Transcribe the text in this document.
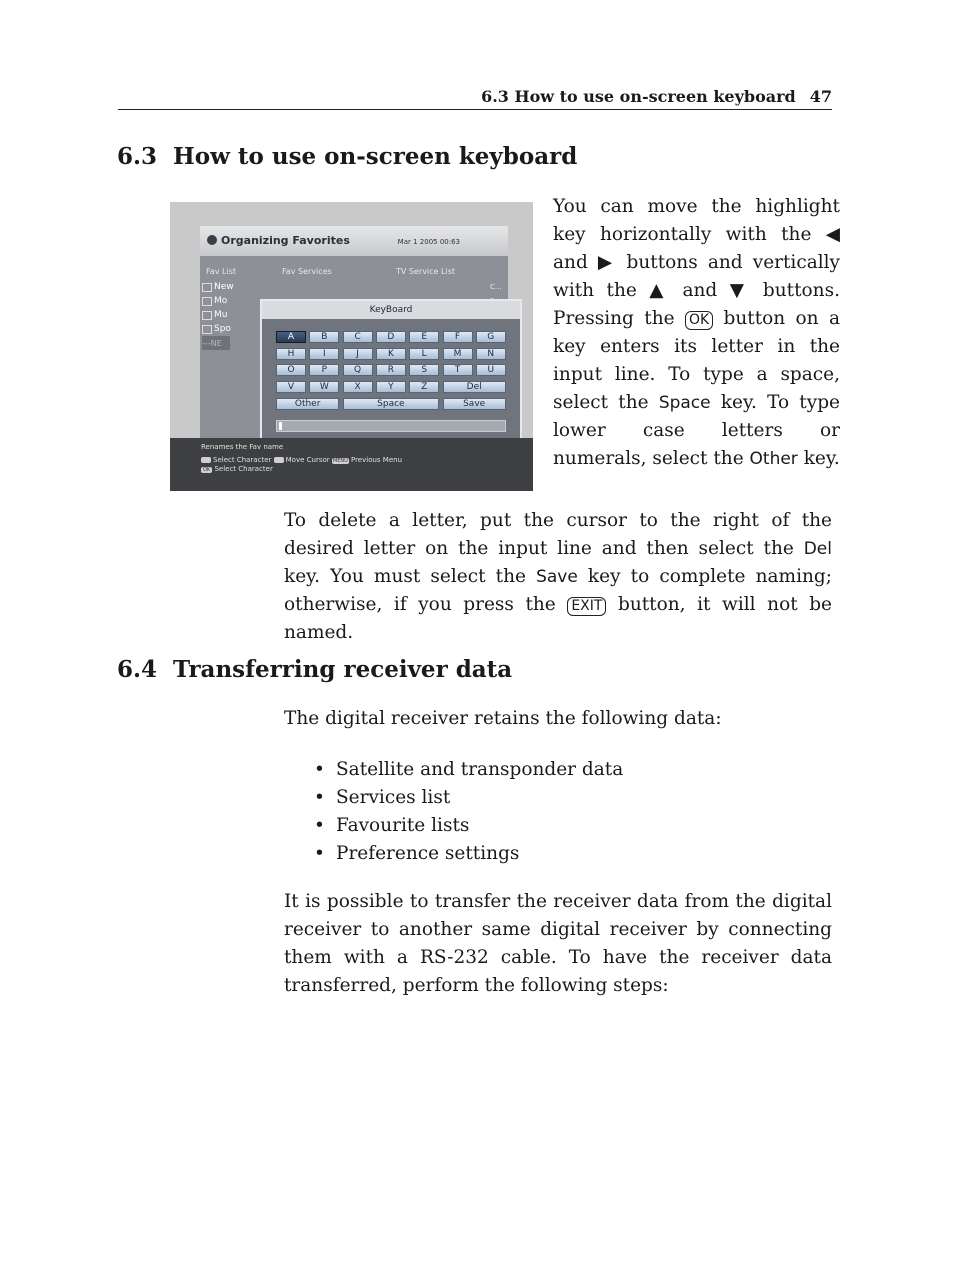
6.3 How to use on-screen keyboard 47
6.3 How to use on-screen keyboard
Organizing Favorites	Mar 1 2005 00:63
Fav List	Fav Services	TV Service List
New
Mo
Mu
Spo
---NE
C...
KeyBoard
A	B	C	D	E	F	G
H	I	J	K	L	M	N
O	P	Q	R	S	T	U
V	W	X	Y	Z	Del
Other	Space	Save
Renames the Fav name
Select Character Move Cursor MENU Previous Menu
OK Select Character
You can move the highlight key horizontally with the ◀ and ▶ buttons and vertically with the ▲ and ▼ buttons. Pressing the OK button on a key enters its letter in the input line. To type a space, select the Space key. To type lower case letters or numerals, select the Other key.
To delete a letter, put the cursor to the right of the desired letter on the input line and then select the Del key. You must select the Save key to complete naming; otherwise, if you press the EXIT button, it will not be named.
6.4 Transferring receiver data
The digital receiver retains the following data:
• Satellite and transponder data
• Services list
• Favourite lists
• Preference settings
It is possible to transfer the receiver data from the digital receiver to another same digital receiver by connecting them with a RS-232 cable. To have the receiver data transferred, perform the following steps:
